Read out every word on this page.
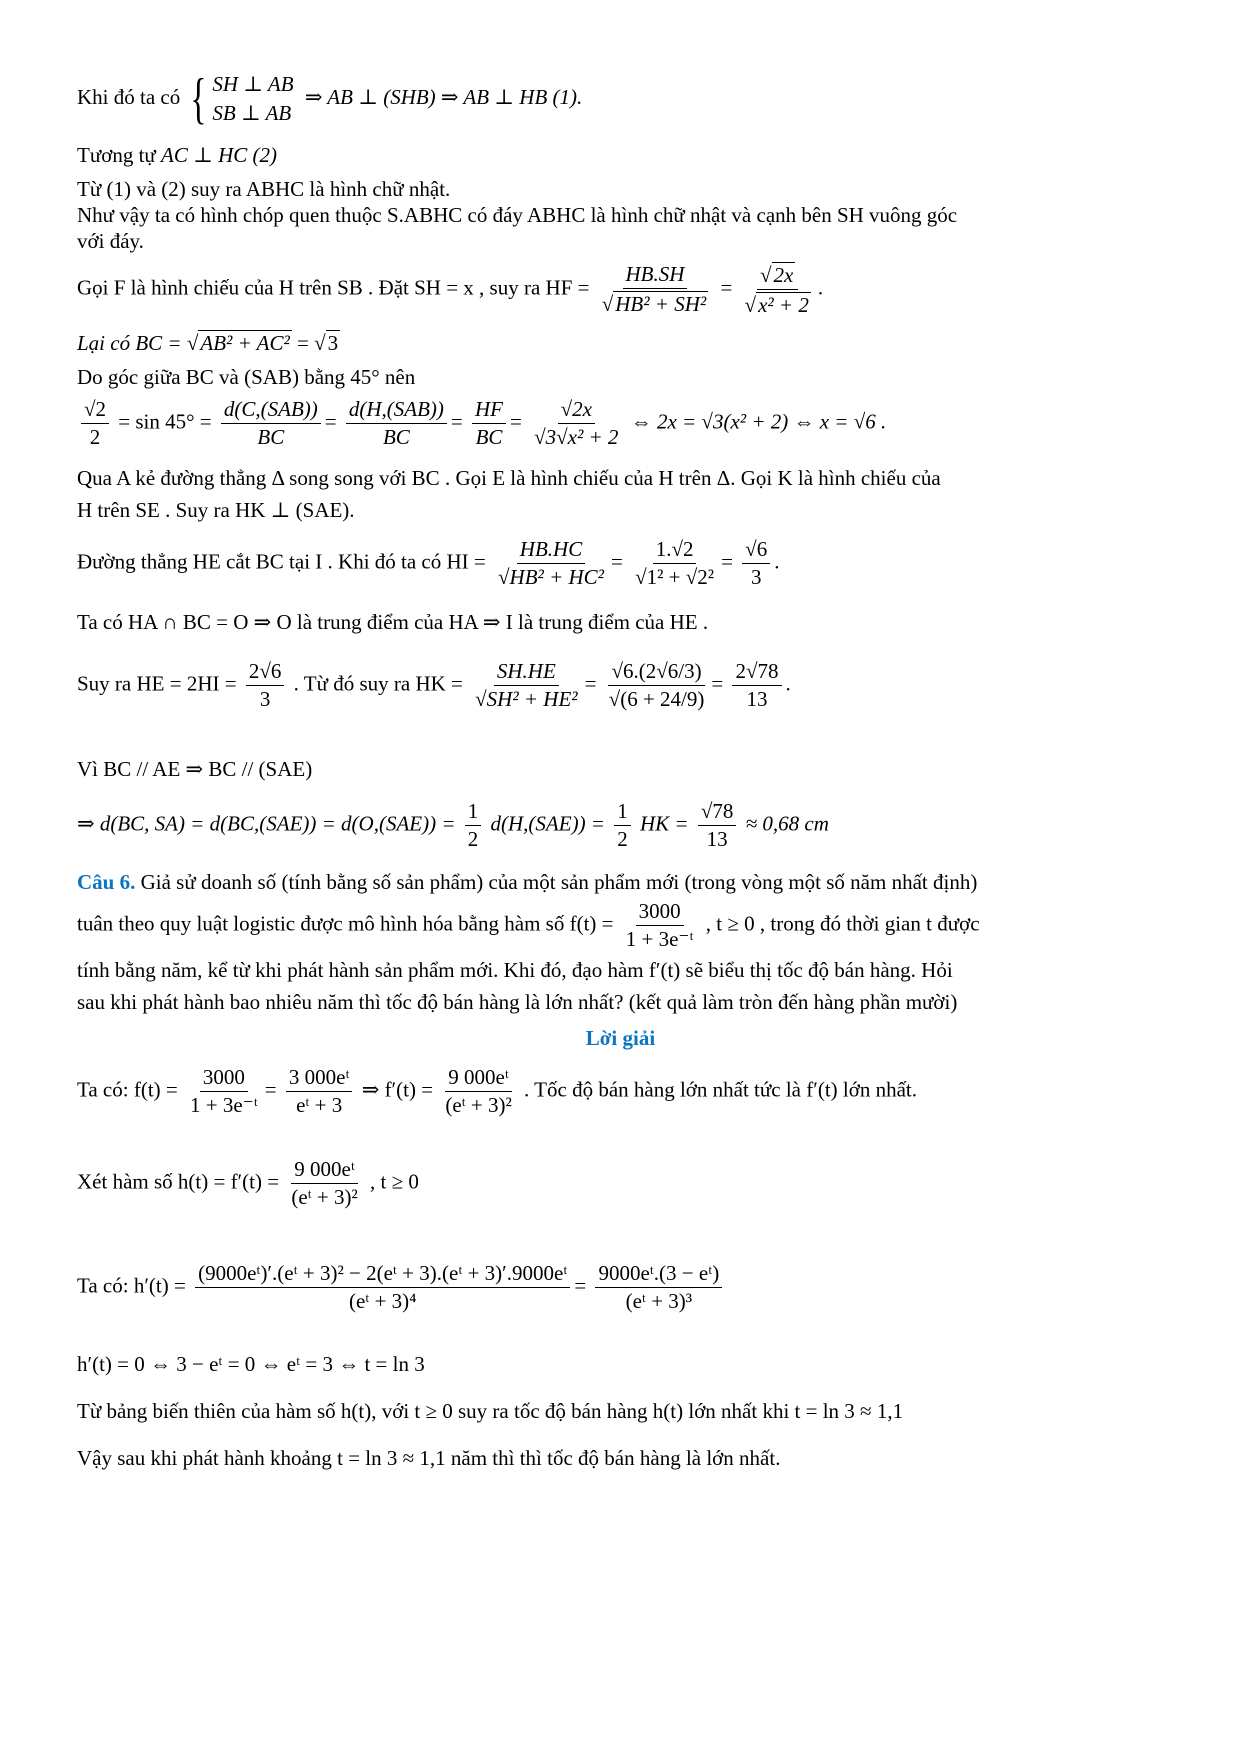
Khi đó ta có { SH ⊥ AB
SB ⊥ AB
⇒ AB ⊥ (SHB) ⇒ AB ⊥ HB (1).
Tương tự AC ⊥ HC (2)
Từ (1) và (2) suy ra ABHC là hình chữ nhật.
Như vậy ta có hình chóp quen thuộc S.ABHC có đáy ABHC là hình chữ nhật và cạnh bên SH vuông góc
với đáy.
Gọi F là hình chiếu của H trên SB . Đặt SH = x , suy ra HF = $\frac{HB.SH}{\text{√HB² + SH²}} = \frac{√2x}{\text{√x² + 2}}$ .
Lại có BC = √AB² + AC² = √3
Do góc giữa BC và (SAB) bằng 45° nên
$\frac{√2}{2} = \sin 45^\circ = \frac{\text{d(C,(SAB))}}{BC} = \frac{\text{d(H,(SAB))}}{BC} = \frac{HF}{BC} = \frac{√2x}{\text{√3√x² + 2}}$ ⇔ 2x = √3(x² + 2) ⇔ x = √6 .
Qua A kẻ đường thẳng Δ song song với BC . Gọi E là hình chiếu của H trên Δ. Gọi K là hình chiếu của
H trên SE . Suy ra HK ⊥ (SAE).
Đường thẳng HE cắt BC tại I . Khi đó ta có HI = $\frac{HB.HC}{\text{√HB² + HC²}} = \frac{1.√2}{\text{√1² + √2²}} = \frac{√6}{3}$ .
Ta có HA ∩ BC = O ⇒ O là trung điểm của HA ⇒ I là trung điểm của HE .
Suy ra HE = $2HI = \frac{2√6}{3}$ . Từ đó suy ra HK = $\frac{SH.HE}{\text{√SH² + HE²}} = \frac{√6.(2√6/3)}{√(6 + 24/9)} = \frac{2√78}{13}$ .
Vì BC // AE ⇒ BC // (SAE)
⇒ d(BC, $SA) = d(BC,(SAE)) = d(O,(SAE)) = \frac{1}{2} d(H,(SAE)) = \frac{1}{2}$ HK = $\frac{√78}{13} \approx 0,68$ cm
Câu 6. Giả sử doanh số (tính bằng số sản phẩm) của một sản phẩm mới (trong vòng một số năm nhất định)
tuân theo quy luật logistic được mô hình hóa bằng hàm số $f(t) = \frac{3000}{\text{1 + 3e⁻ᵗ}}$ , t ≥ 0 , trong đó thời gian t được
tính bằng năm, kể từ khi phát hành sản phẩm mới. Khi đó, đạo hàm f′(t) sẽ biểu thị tốc độ bán hàng. Hỏi
sau khi phát hành bao nhiêu năm thì tốc độ bán hàng là lớn nhất? (kết quả làm tròn đến hàng phần mười)
Lời giải
Ta có: $f(t) = \frac{3000}{\text{1 + 3e⁻ᵗ}} = \frac{\text{3 000eᵗ}}{\text{eᵗ + 3}}$ ⇒ $f'(t) = \frac{\text{9 000eᵗ}}{\text{(eᵗ + 3)²}}$ . Tốc độ bán hàng lớn nhất tức là f′(t) lớn nhất.
Xét hàm số $h(t) = f'(t) = \frac{\text{9 000eᵗ}}{\text{(eᵗ + 3)²}}$ , t ≥ 0
Ta có: $h'(t) = \frac{\text{(9000eᵗ)′.(eᵗ + 3)² − 2(eᵗ + 3).(eᵗ + 3)′.9000eᵗ}}{\text{(eᵗ + 3)⁴}} = \frac{\text{9000eᵗ.(3 − eᵗ)}}{\text{(eᵗ + 3)³}}$
h′(t) = 0 ⇔ 3 − eᵗ = 0 ⇔ eᵗ = 3 ⇔ t = ln 3
Từ bảng biến thiên của hàm số h(t), với t ≥ 0 suy ra tốc độ bán hàng h(t) lớn nhất khi t = ln 3 ≈ 1,1
Vậy sau khi phát hành khoảng t = ln 3 ≈ 1,1 năm thì thì tốc độ bán hàng là lớn nhất.
